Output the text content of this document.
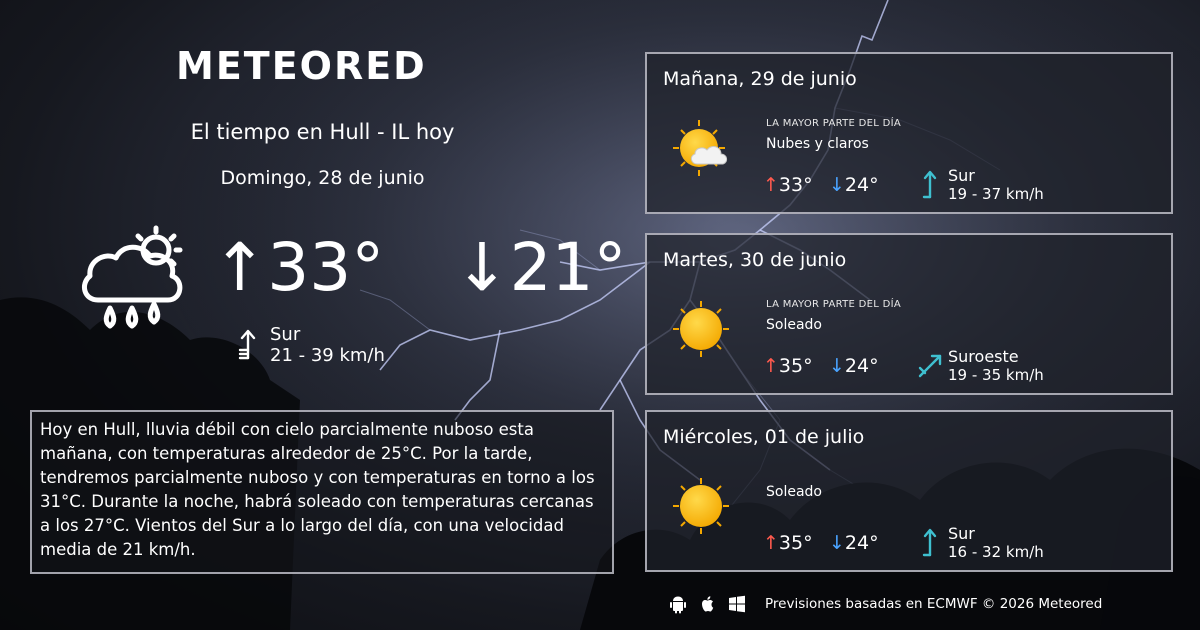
METEORED
El tiempo en Hull - IL hoy
Domingo, 28 de junio
↑33° ↓21°
Sur
21 - 39 km/h
Hoy en Hull, lluvia débil con cielo parcialmente nuboso esta mañana, con temperaturas alrededor de 25°C. Por la tarde, tendremos parcialmente nuboso y con temperaturas en torno a los 31°C. Durante la noche, habrá soleado con temperaturas cercanas a los 27°C. Vientos del Sur a lo largo del día, con una velocidad media de 21 km/h.
Mañana, 29 de junio
LA MAYOR PARTE DEL DÍA
Nubes y claros
↑33° ↓24°	Sur
19 - 37 km/h
Martes, 30 de junio
LA MAYOR PARTE DEL DÍA
Soleado
↑35° ↓24°	Suroeste
19 - 35 km/h
Miércoles, 01 de julio
Soleado
↑35° ↓24°	Sur
16 - 32 km/h
Previsiones basadas en ECMWF © 2026 Meteored
